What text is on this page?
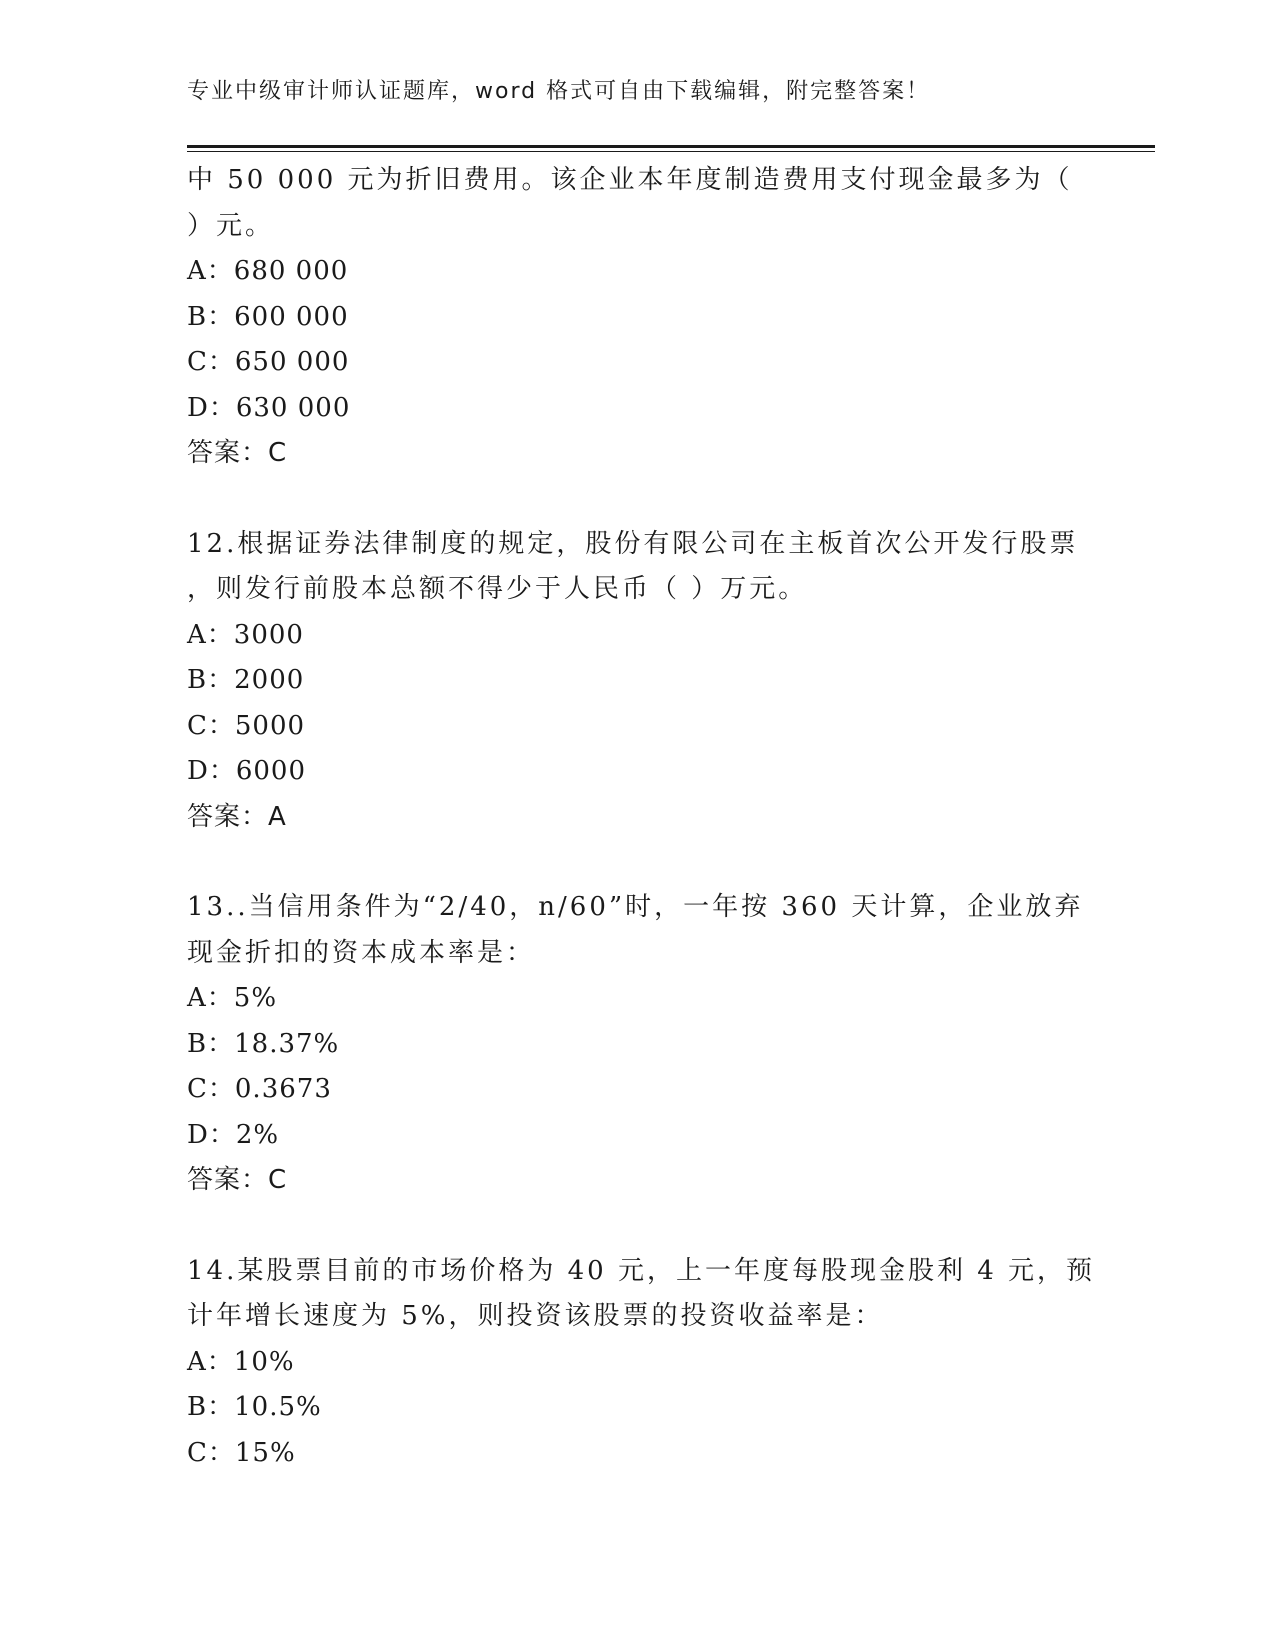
专业中级审计师认证题库，word 格式可自由下载编辑，附完整答案！
中 50 000 元为折旧费用。该企业本年度制造费用支付现金最多为（
）元。
A：680 000
B：600 000
C：650 000
D：630 000
答案：C
12.根据证券法律制度的规定，股份有限公司在主板首次公开发行股票
，则发行前股本总额不得少于人民币（ ）万元。
A：3000
B：2000
C：5000
D：6000
答案：A
13..当信用条件为“2/40，n/60”时，一年按 360 天计算，企业放弃
现金折扣的资本成本率是：
A：5%
B：18.37%
C：0.3673
D：2%
答案：C
14.某股票目前的市场价格为 40 元，上一年度每股现金股利 4 元，预
计年增长速度为 5%，则投资该股票的投资收益率是：
A：10%
B：10.5%
C：15%
